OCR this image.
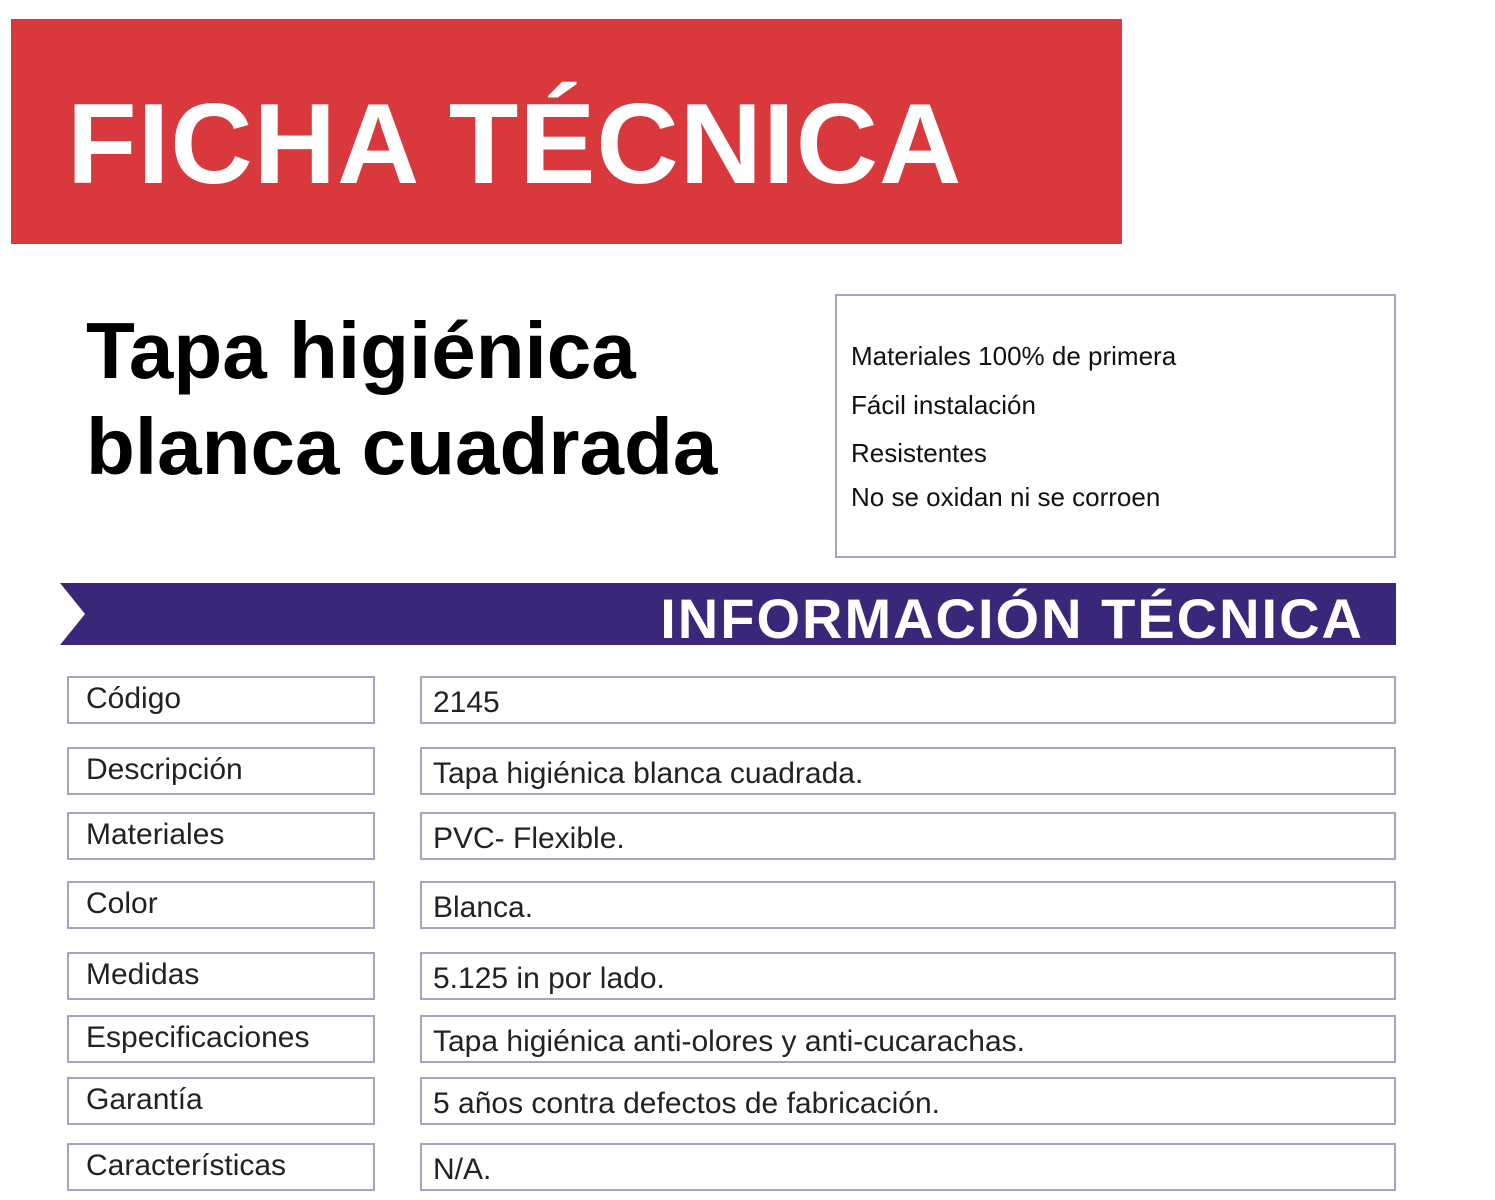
FICHA TÉCNICA
Tapa higiénica
blanca cuadrada
Materiales 100% de primera
Fácil instalación
Resistentes
No se oxidan ni se corroen
INFORMACIÓN TÉCNICA
Código	2145
Descripción	Tapa higiénica blanca cuadrada.
Materiales	PVC- Flexible.
Color	Blanca.
Medidas	5.125 in por lado.
Especificaciones	Tapa higiénica anti-olores y anti-cucarachas.
Garantía	5 años contra defectos de fabricación.
Características	N/A.
